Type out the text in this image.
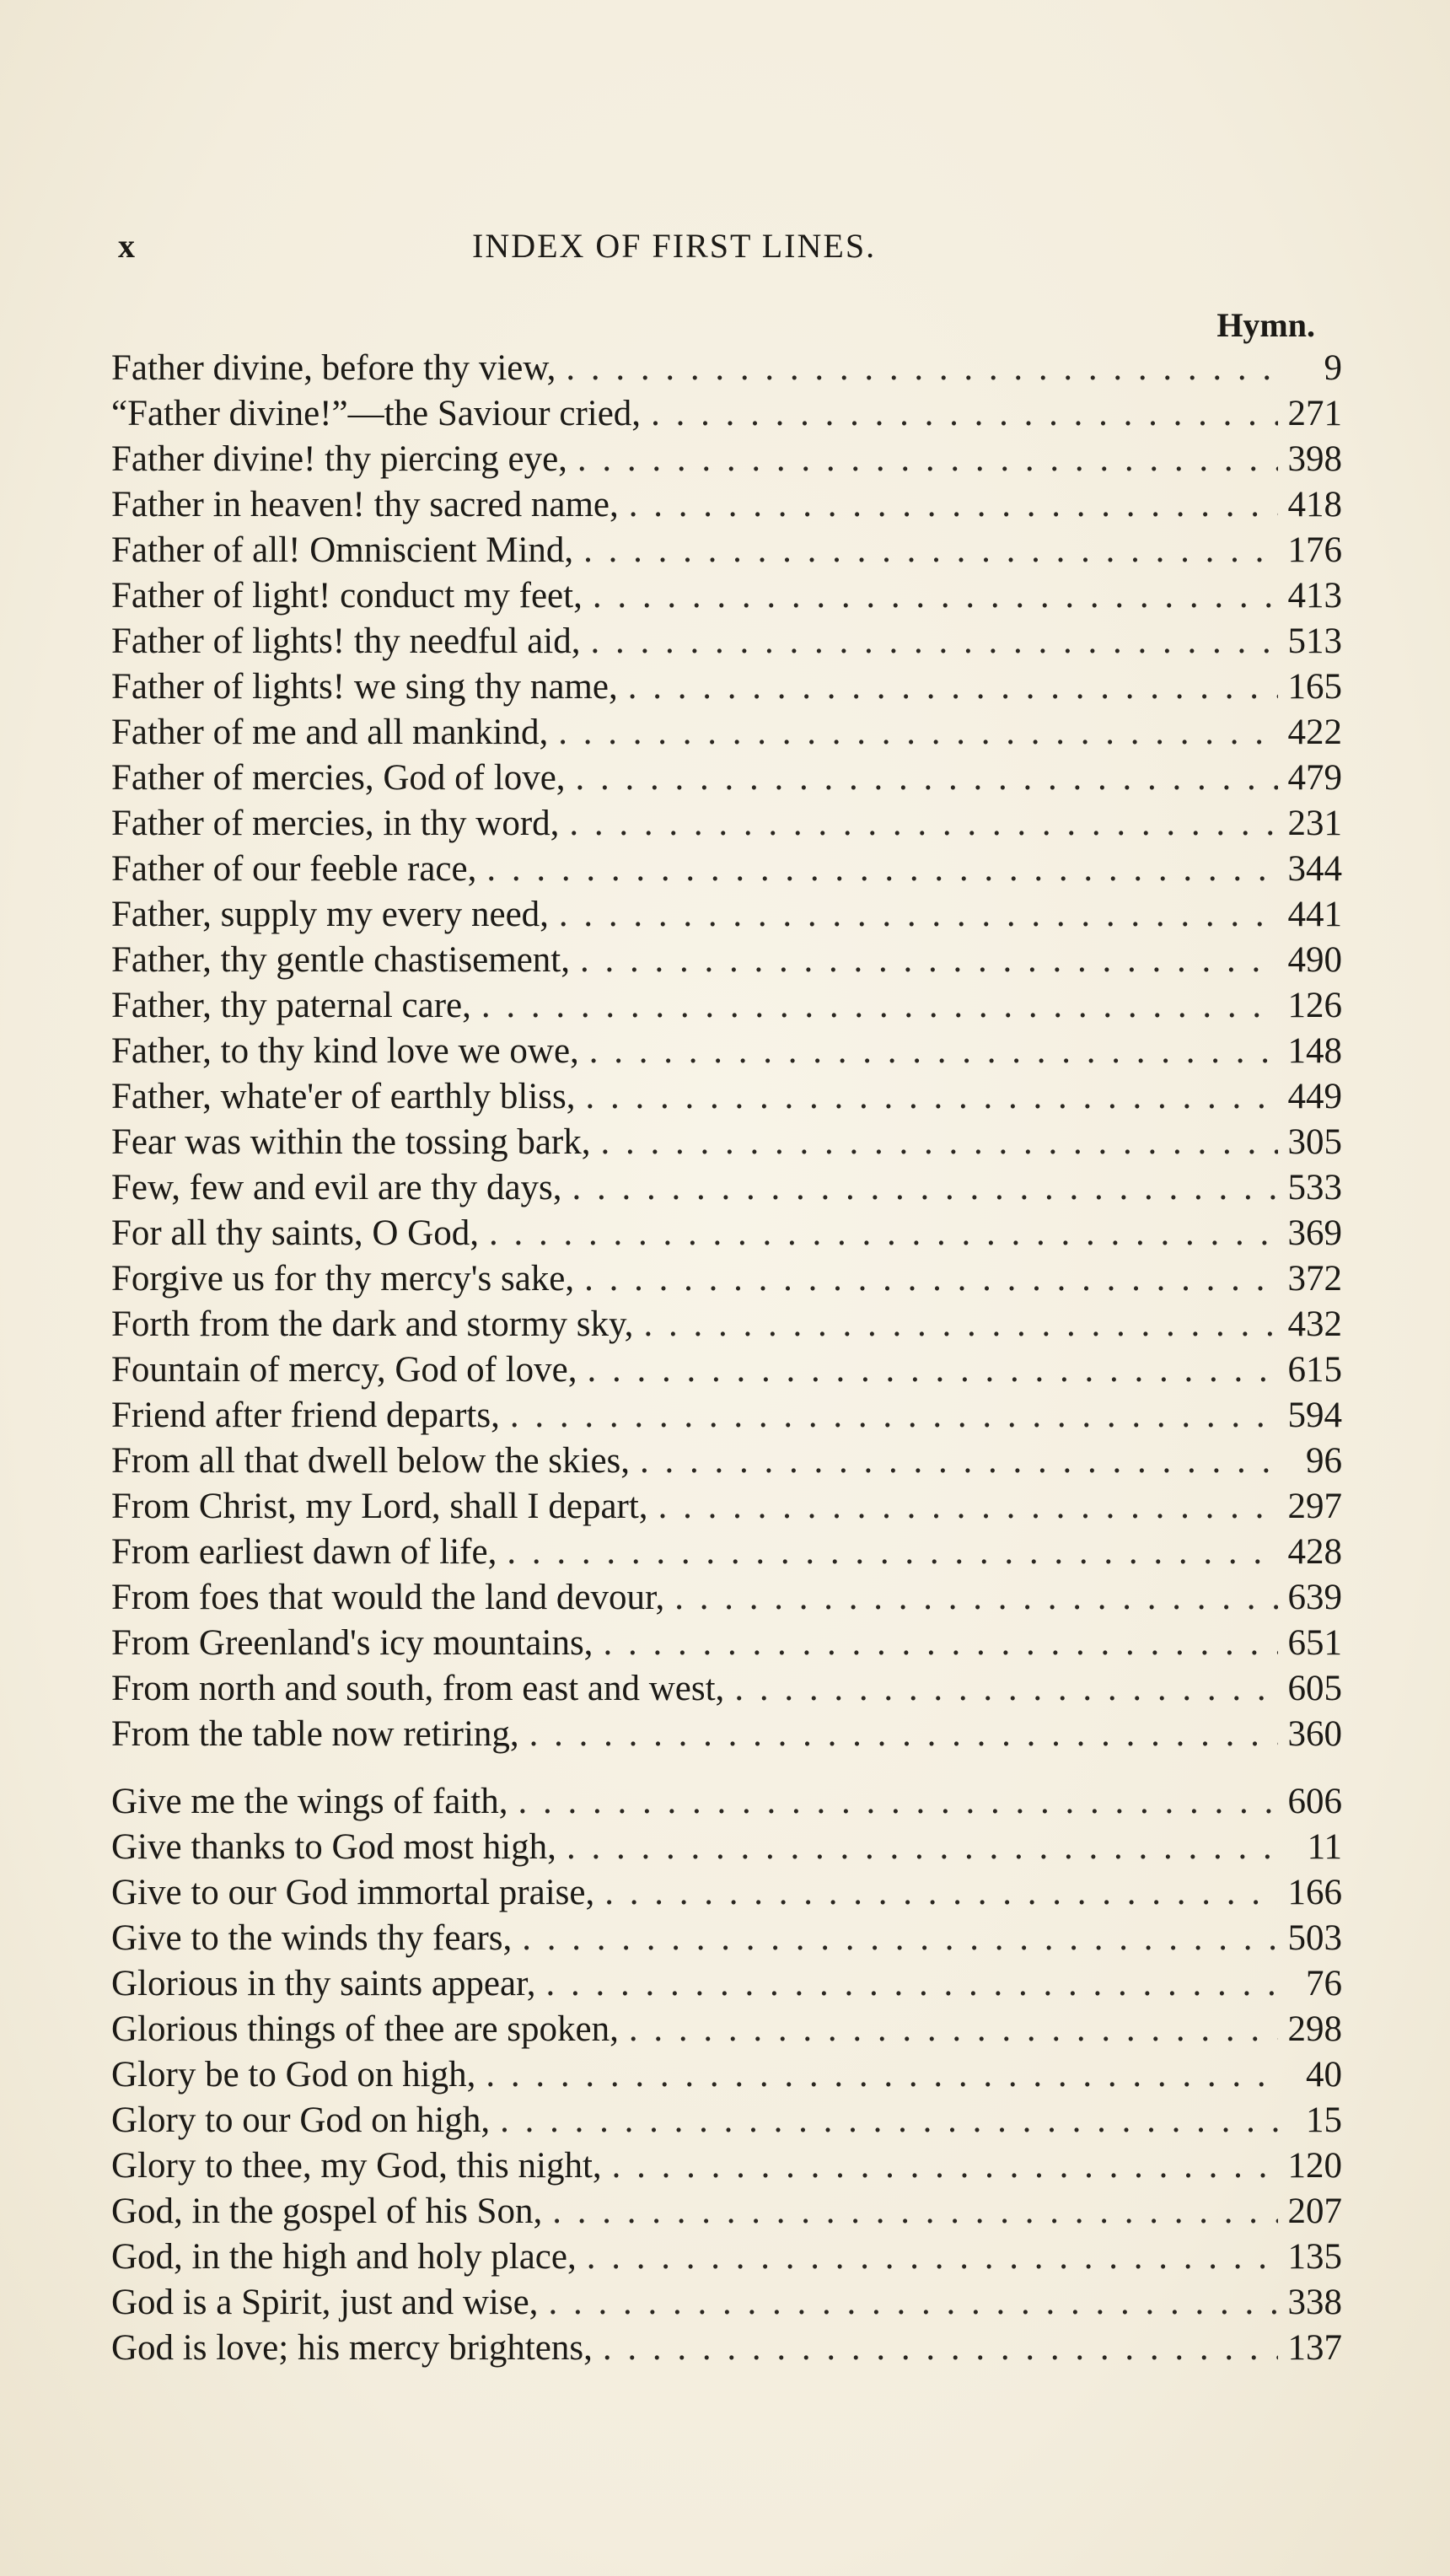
x	INDEX OF FIRST LINES.
Hymn.
Father divine, before thy view, . . .	9
“Father divine!”—the Saviour cried, . . .	271
Father divine! thy piercing eye, . . .	398
Father in heaven! thy sacred name, . . .	418
Father of all! Omniscient Mind, . . .	176
Father of light! conduct my feet, . . .	413
Father of lights! thy needful aid, . . .	513
Father of lights! we sing thy name, . . .	165
Father of me and all mankind, . . .	422
Father of mercies, God of love, . . .	479
Father of mercies, in thy word, . . .	231
Father of our feeble race, . . .	344
Father, supply my every need, . . .	441
Father, thy gentle chastisement, . . .	490
Father, thy paternal care, . . .	126
Father, to thy kind love we owe, . . .	148
Father, whate'er of earthly bliss, . . .	449
Fear was within the tossing bark, . . .	305
Few, few and evil are thy days, . . .	533
For all thy saints, O God, . . .	369
Forgive us for thy mercy's sake, . . .	372
Forth from the dark and stormy sky, . . .	432
Fountain of mercy, God of love, . . .	615
Friend after friend departs, . . .	594
From all that dwell below the skies, . . .	96
From Christ, my Lord, shall I depart, . . .	297
From earliest dawn of life, . . .	428
From foes that would the land devour, . . .	639
From Greenland's icy mountains, . . .	651
From north and south, from east and west, . . .	605
From the table now retiring, . . .	360
Give me the wings of faith, . . .	606
Give thanks to God most high, . . .	11
Give to our God immortal praise, . . .	166
Give to the winds thy fears, . . .	503
Glorious in thy saints appear, . . .	76
Glorious things of thee are spoken, . . .	298
Glory be to God on high, . . .	40
Glory to our God on high, . . .	15
Glory to thee, my God, this night, . . .	120
God, in the gospel of his Son, . . .	207
God, in the high and holy place, . . .	135
God is a Spirit, just and wise, . . .	338
God is love; his mercy brightens, . . .	137
